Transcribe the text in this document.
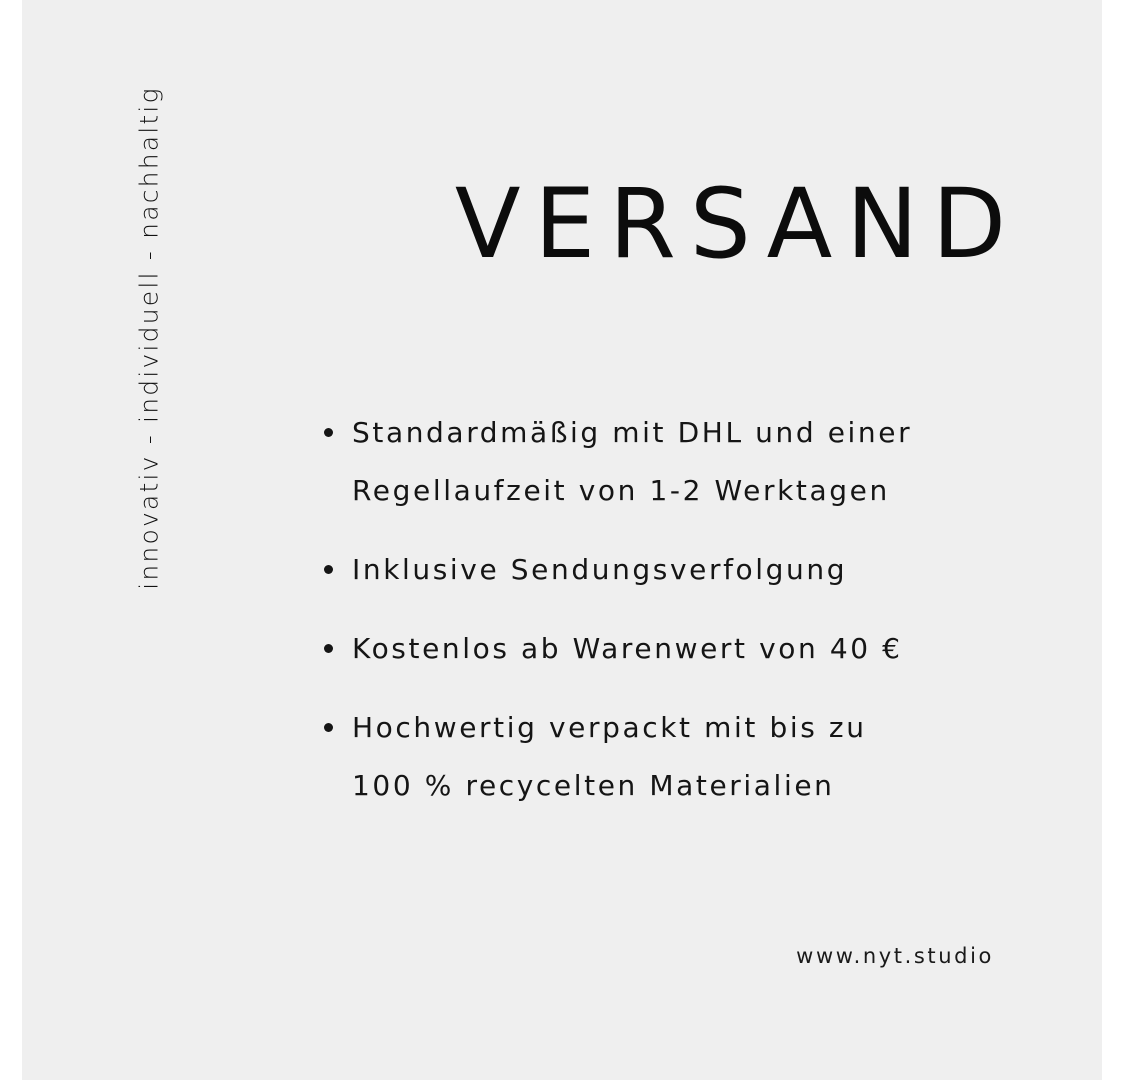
innovativ - individuell - nachhaltig	VERSAND
Standardmäßig mit DHL und einer
Regellaufzeit von 1-2 Werktagen
Inklusive Sendungsverfolgung
Kostenlos ab Warenwert von 40 €
Hochwertig verpackt mit bis zu
100 % recycelten Materialien
www.nyt.studio
